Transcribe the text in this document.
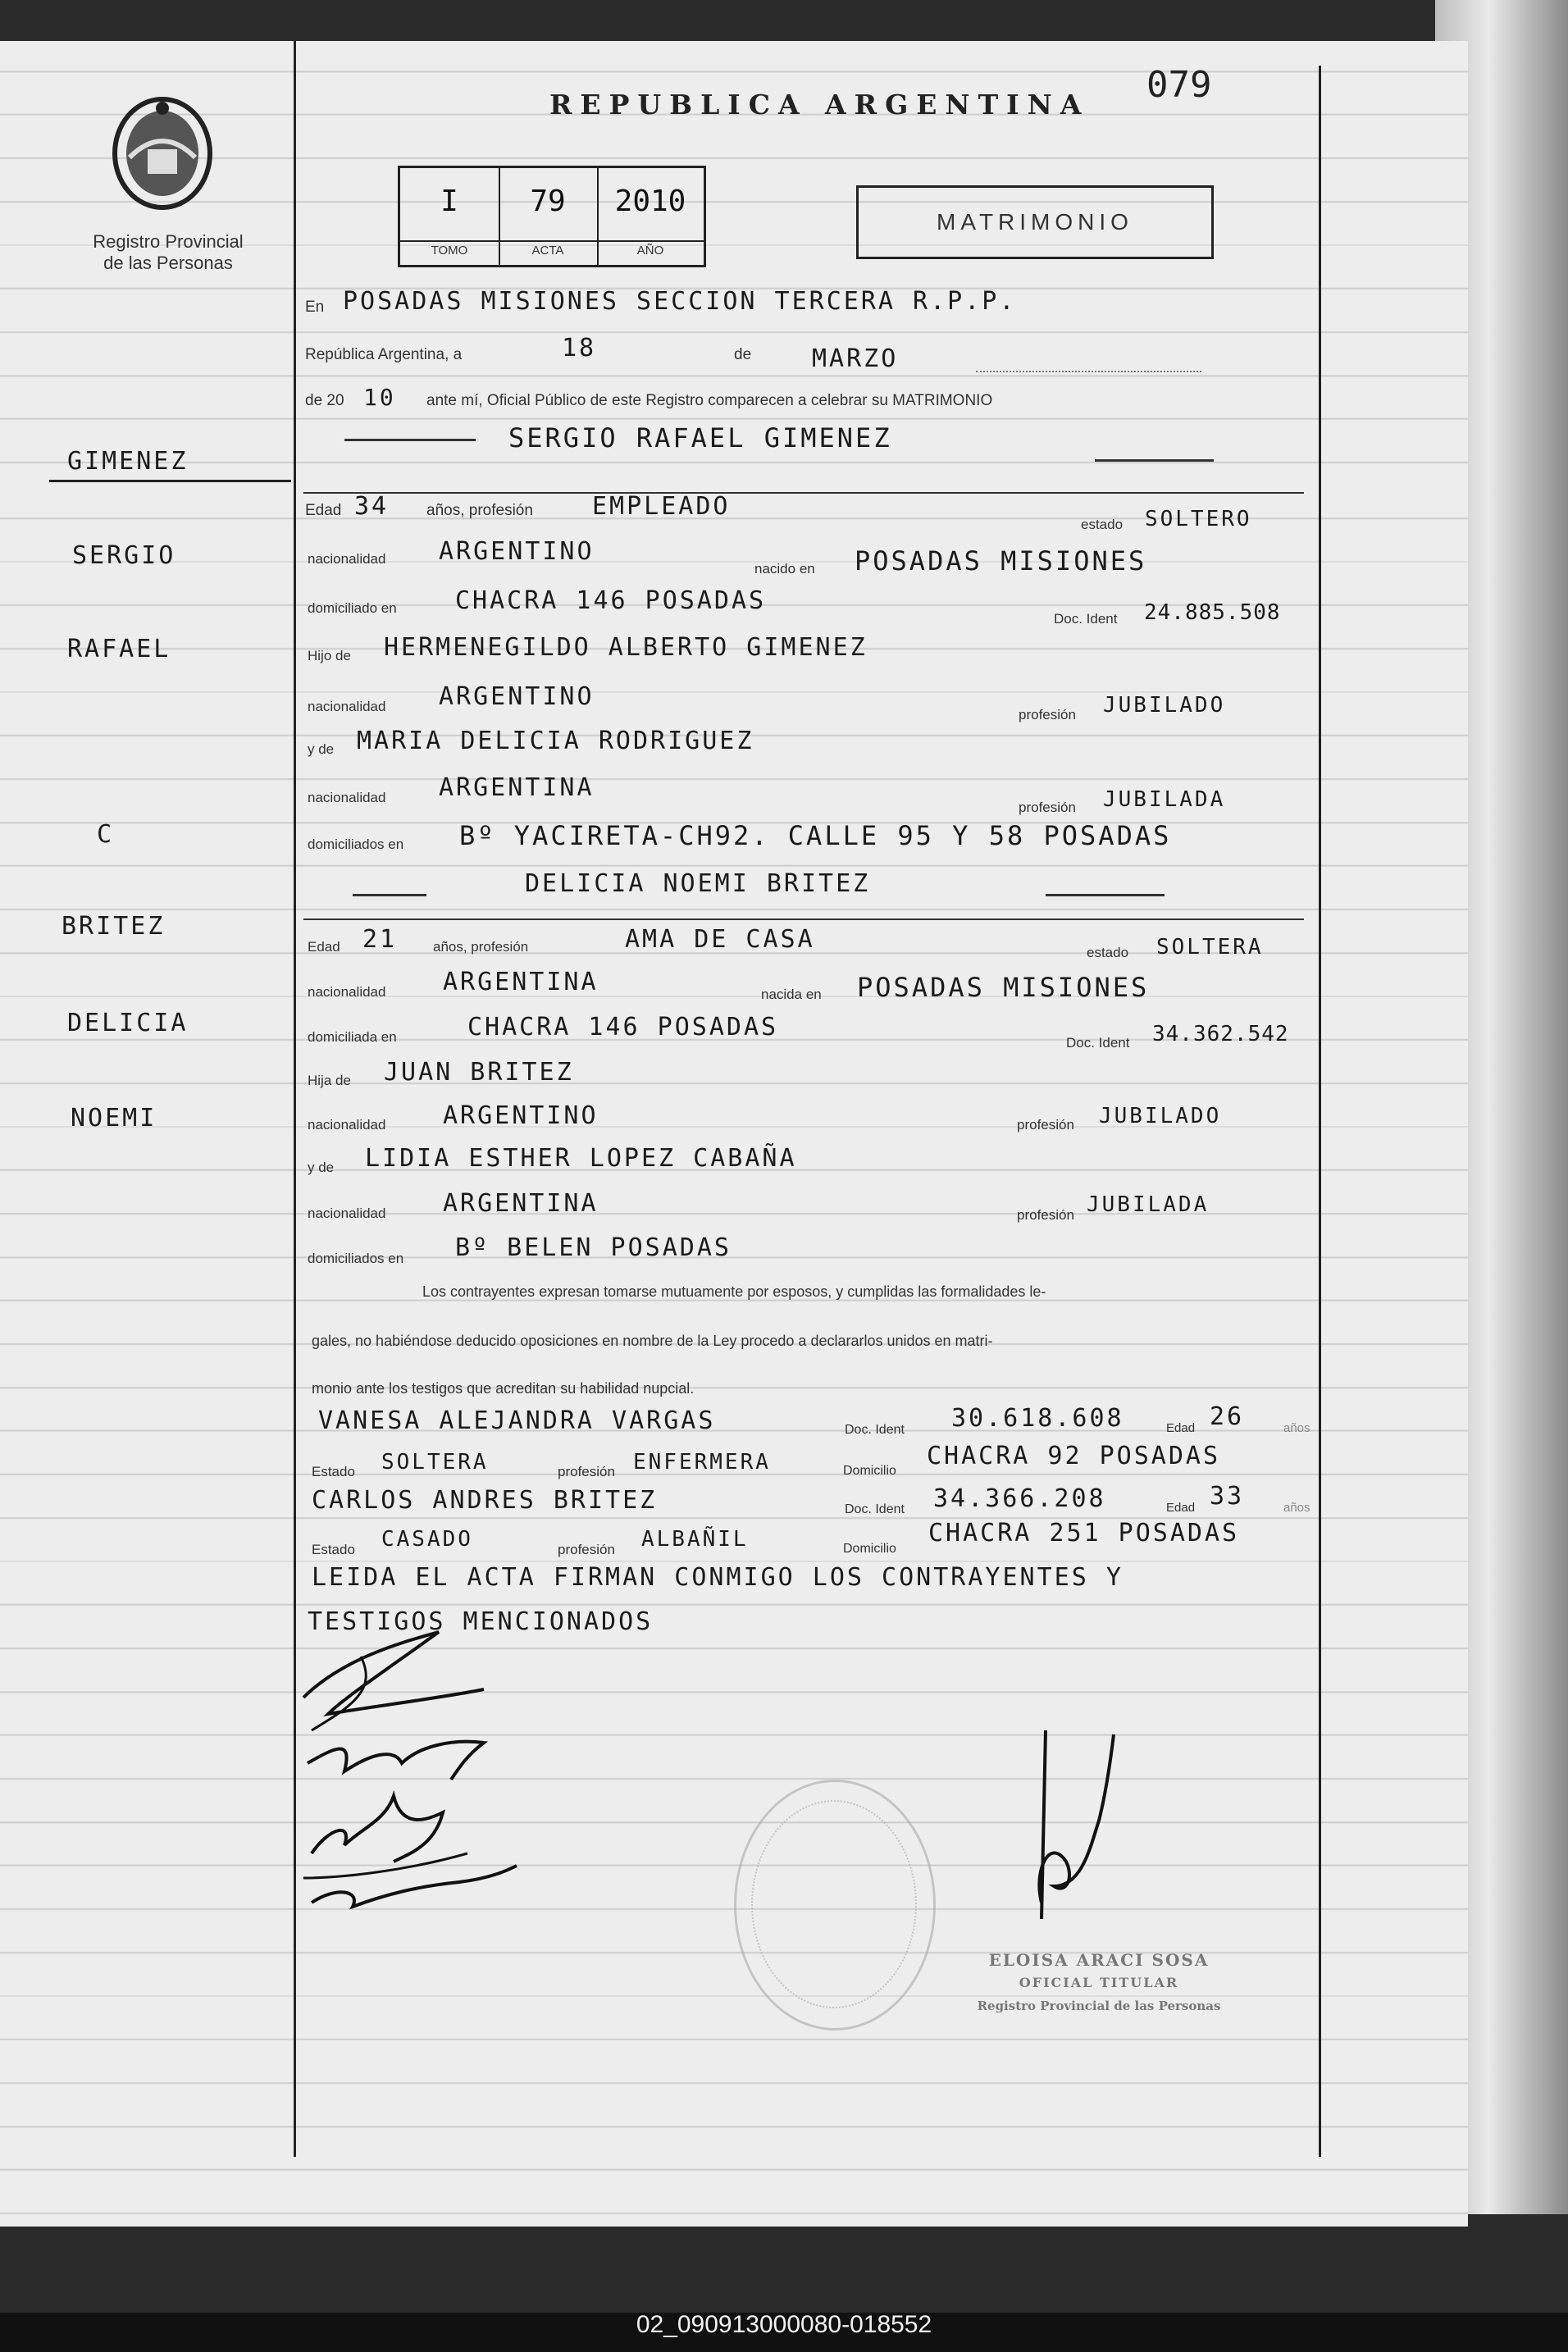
Registro Provincial
de las Personas
REPUBLICA ARGENTINA 079
I
TOMO
79
ACTA
2010
AÑO
MATRIMONIO
GIMENEZ
SERGIO
RAFAEL
C
BRITEZ
DELICIA
NOEMI
En POSADAS MISIONES SECCION TERCERA R.P.P.
República Argentina, a	18	de MARZO
de 20 10 ante mí, Oficial Público de este Registro comparecen a celebrar su MATRIMONIO
SERGIO RAFAEL GIMENEZ
Edad 34 años, profesión EMPLEADO
estado SOLTERO
nacionalidad ARGENTINO
nacido en POSADAS MISIONES
domiciliado en CHACRA 146 POSADAS
Doc. Ident 24.885.508
Hijo de HERMENEGILDO ALBERTO GIMENEZ
nacionalidad ARGENTINO
profesión JUBILADO
y de MARIA DELICIA RODRIGUEZ
nacionalidad ARGENTINA
profesión JUBILADA
domiciliados en Bº YACIRETA-CH92. CALLE 95 Y 58 POSADAS
DELICIA NOEMI BRITEZ
Edad 21	años, profesión	AMA DE CASA	estado SOLTERA
nacionalidad ARGENTINA	nacida en POSADAS MISIONES
domiciliada en	CHACRA 146 POSADAS
Doc. Ident 34.362.542
Hija de JUAN BRITEZ
nacionalidad ARGENTINO	profesión JUBILADO
y de LIDIA ESTHER LOPEZ CABAÑA
nacionalidad ARGENTINA	profesión JUBILADA
domiciliados en Bº BELEN POSADAS
Los contrayentes expresan tomarse mutuamente por esposos, y cumplidas las formalidades le-
gales, no habiéndose deducido oposiciones en nombre de la Ley procedo a declararlos unidos en matri-
monio ante los testigos que acreditan su habilidad nupcial.
VANESA ALEJANDRA VARGAS	Doc. Ident 30.618.608	Edad 26	años
Estado SOLTERA	profesión ENFERMERA	Domicilio
CHACRA 92 POSADAS
CARLOS ANDRES BRITEZ	Doc. Ident 34.366.208	Edad 33	años
Estado CASADO	profesión ALBAÑIL	Domicilio
CHACRA 251 POSADAS
LEIDA EL ACTA FIRMAN CONMIGO LOS CONTRAYENTES Y
TESTIGOS MENCIONADOS
ELOISA ARACI SOSA
OFICIAL TITULAR
Registro Provincial de las Personas
02_090913000080-018552
